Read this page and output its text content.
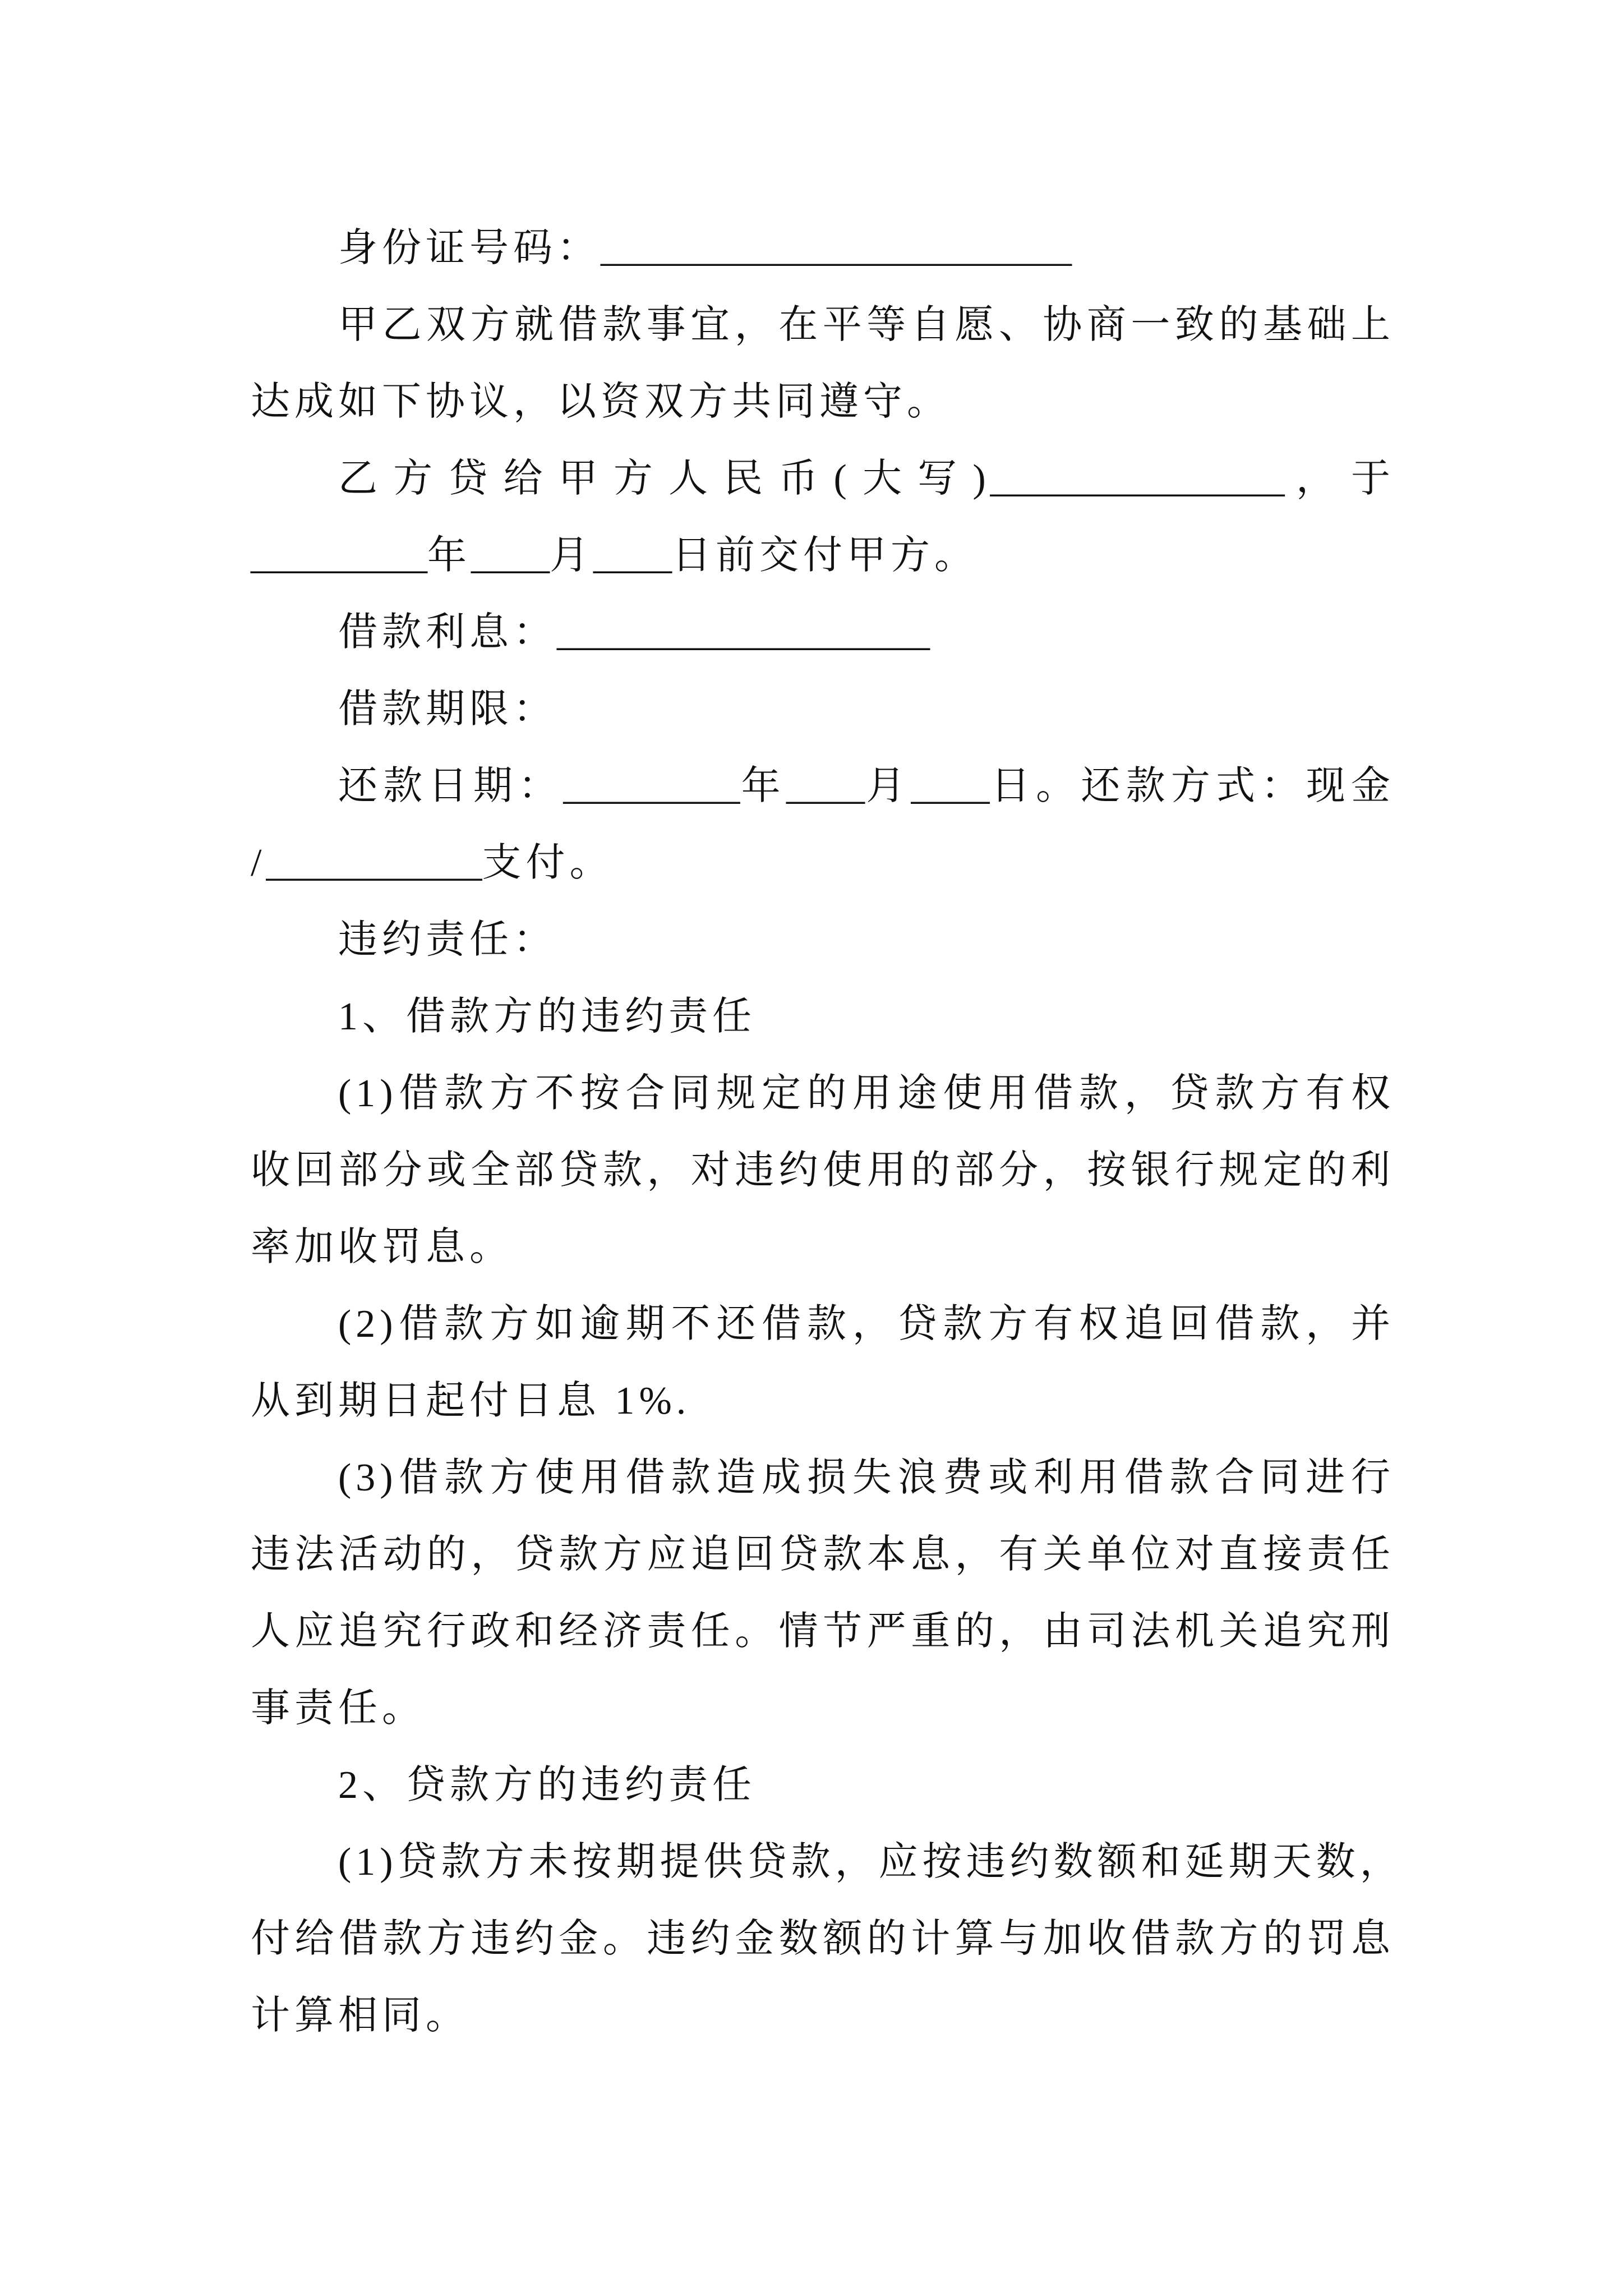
身份证号码：________________________
甲乙双方就借款事宜，在平等自愿、协商一致的基础上
达成如下协议，以资双方共同遵守。
乙方贷给甲方人民币(大写)_______________，于
_________年____月____日前交付甲方。
借款利息：___________________
借款期限：
还款日期：_________年____月____日。还款方式：现金
/___________支付。
违约责任：
1、借款方的违约责任
(1)借款方不按合同规定的用途使用借款，贷款方有权
收回部分或全部贷款，对违约使用的部分，按银行规定的利
率加收罚息。
(2)借款方如逾期不还借款，贷款方有权追回借款，并
从到期日起付日息 1%.
(3)借款方使用借款造成损失浪费或利用借款合同进行
违法活动的，贷款方应追回贷款本息，有关单位对直接责任
人应追究行政和经济责任。情节严重的，由司法机关追究刑
事责任。
2、贷款方的违约责任
(1)贷款方未按期提供贷款，应按违约数额和延期天数，
付给借款方违约金。违约金数额的计算与加收借款方的罚息
计算相同。
